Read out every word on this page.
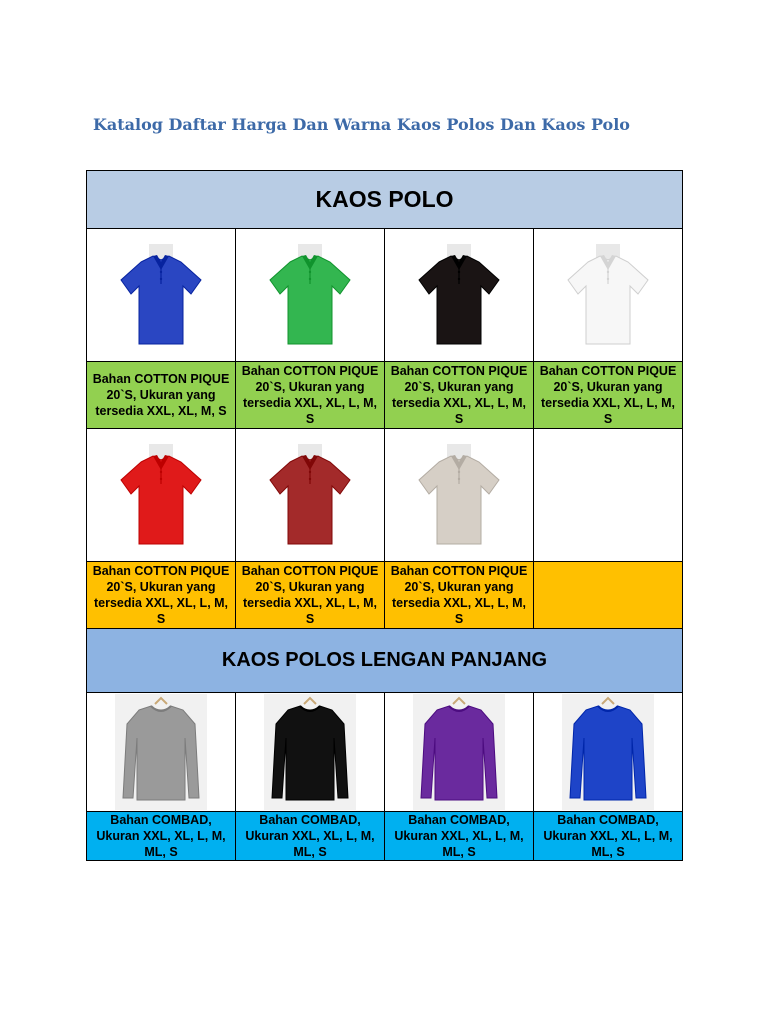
Katalog Daftar Harga Dan Warna Kaos Polos Dan Kaos Polo
KAOS POLO			

Bahan COTTON PIQUE 20`S, Ukuran yang tersedia XXL, XL, M, S	Bahan COTTON PIQUE 20`S, Ukuran yang tersedia XXL, XL, L, M, S	Bahan COTTON PIQUE 20`S, Ukuran yang tersedia XXL, XL, L, M, S	Bahan COTTON PIQUE 20`S, Ukuran yang tersedia XXL, XL, L, M, S

Bahan COTTON PIQUE 20`S, Ukuran yang tersedia XXL, XL, L, M, S	Bahan COTTON PIQUE 20`S, Ukuran yang tersedia XXL, XL, L, M, S	Bahan COTTON PIQUE 20`S, Ukuran yang tersedia XXL, XL, L, M, S	
KAOS POLOS LENGAN PANJANG			

Bahan COMBAD, Ukuran XXL, XL, L, M, ML, S	Bahan COMBAD, Ukuran XXL, XL, L, M, ML, S	Bahan COMBAD, Ukuran XXL, XL, L, M, ML, S	Bahan COMBAD, Ukuran XXL, XL, L, M, ML, S
